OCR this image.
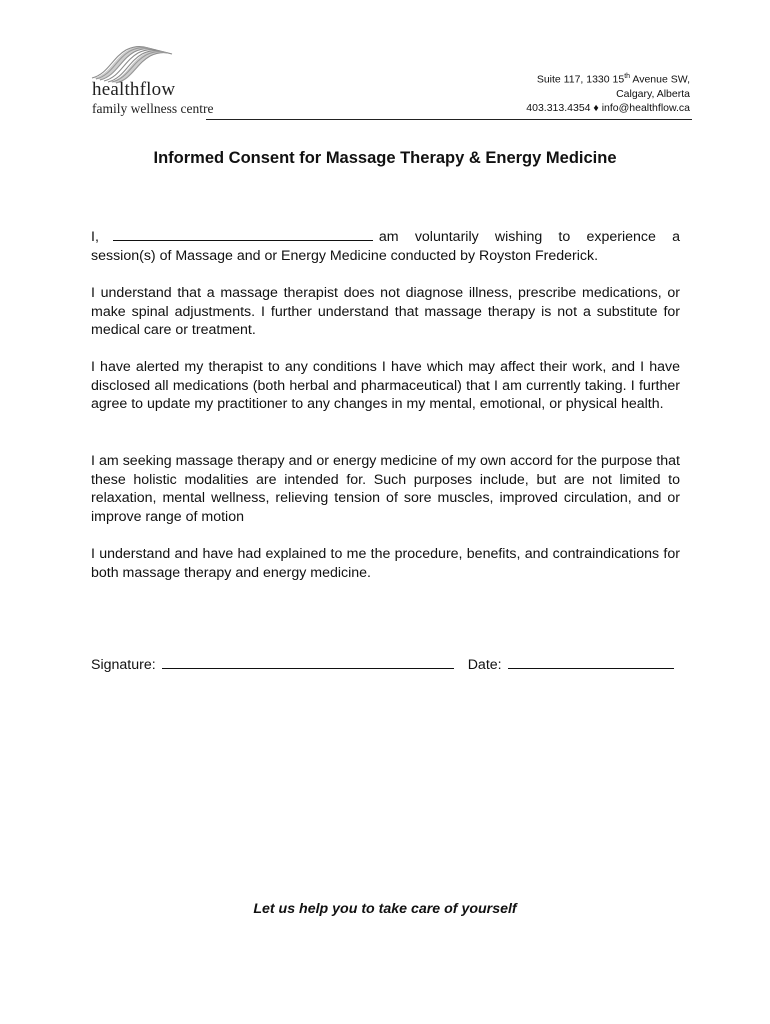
healthflow
family wellness centre
Suite 117, 1330 15th Avenue SW,
Calgary, Alberta
403.313.4354 ♦ info@healthflow.ca
Informed Consent for Massage Therapy & Energy Medicine
I,	am voluntarily wishing to experience a session(s) of Massage and or Energy Medicine conducted by Royston Frederick.
I understand that a massage therapist does not diagnose illness, prescribe medications, or make spinal adjustments. I further understand that massage therapy is not a substitute for medical care or treatment.
I have alerted my therapist to any conditions I have which may affect their work, and I have disclosed all medications (both herbal and pharmaceutical) that I am currently taking. I further agree to update my practitioner to any changes in my mental, emotional, or physical health.
I am seeking massage therapy and or energy medicine of my own accord for the purpose that these holistic modalities are intended for. Such purposes include, but are not limited to relaxation, mental wellness, relieving tension of sore muscles, improved circulation, and or improve range of motion
I understand and have had explained to me the procedure, benefits, and contraindications for both massage therapy and energy medicine.
Signature:	Date:
Let us help you to take care of yourself
